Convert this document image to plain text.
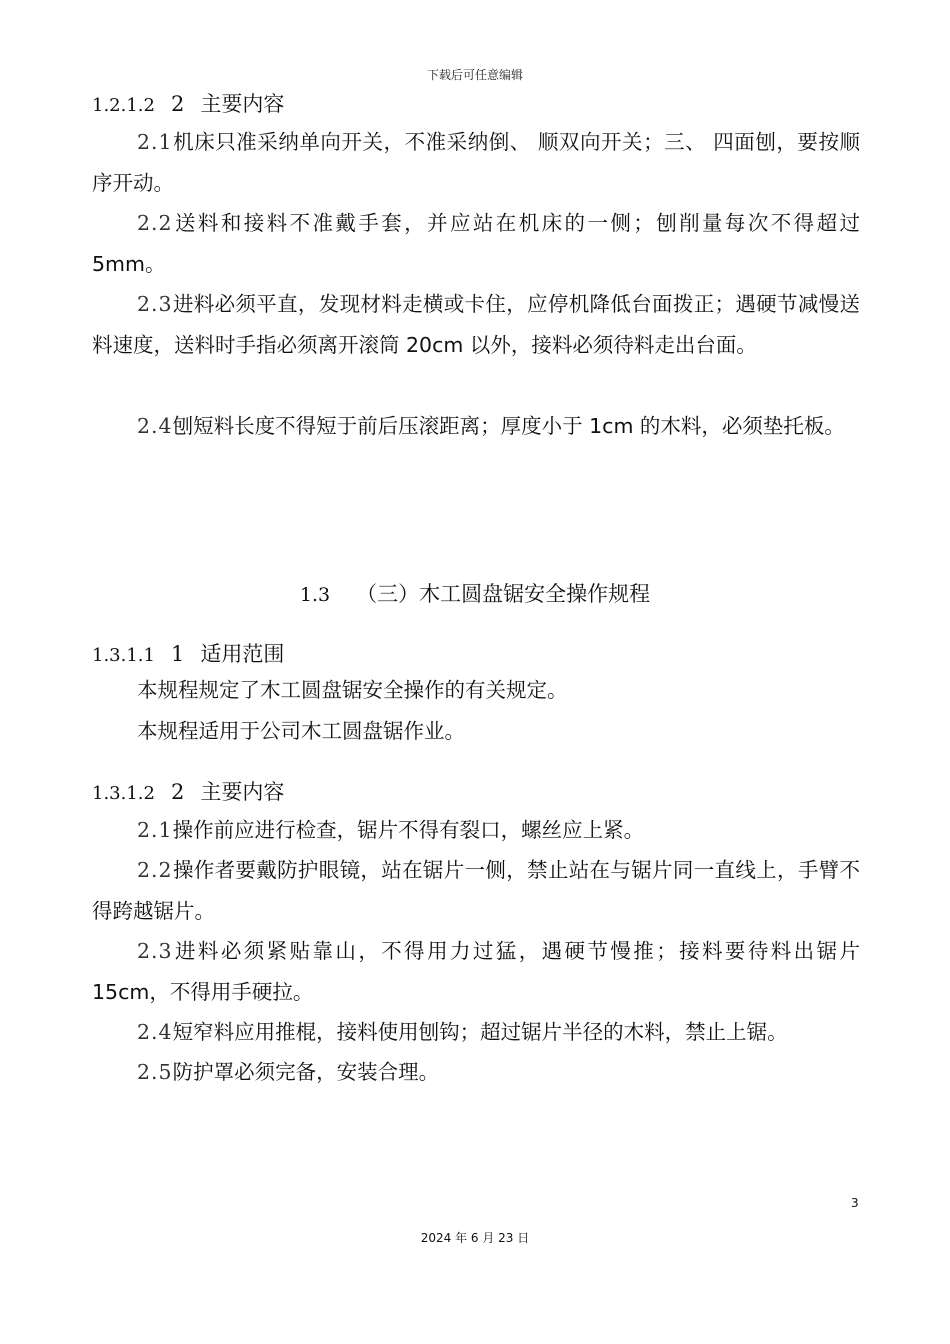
下载后可任意编辑
1.2.1.2 2 主要内容
2.1机床只准采纳单向开关，不准采纳倒、 顺双向开关；三、 四面刨，要按顺序开动。
2.2送料和接料不准戴手套，并应站在机床的一侧；刨削量每次不得超过 5mm。
2.3进料必须平直，发现材料走横或卡住，应停机降低台面拨正；遇硬节减慢送料速度，送料时手指必须离开滚筒 20cm 以外，接料必须待料走出台面。
2.4刨短料长度不得短于前后压滚距离；厚度小于 1cm 的木料，必须垫托板。
1.3 （三）木工圆盘锯安全操作规程
1.3.1.1 1 适用范围
本规程规定了木工圆盘锯安全操作的有关规定。
本规程适用于公司木工圆盘锯作业。
1.3.1.2 2 主要内容
2.1操作前应进行检查，锯片不得有裂口，螺丝应上紧。
2.2操作者要戴防护眼镜，站在锯片一侧，禁止站在与锯片同一直线上，手臂不得跨越锯片。
2.3进料必须紧贴靠山，不得用力过猛，遇硬节慢推；接料要待料出锯片 15cm，不得用手硬拉。
2.4短窄料应用推棍，接料使用刨钩；超过锯片半径的木料，禁止上锯。
2.5防护罩必须完备，安装合理。
3
2024 年 6 月 23 日
